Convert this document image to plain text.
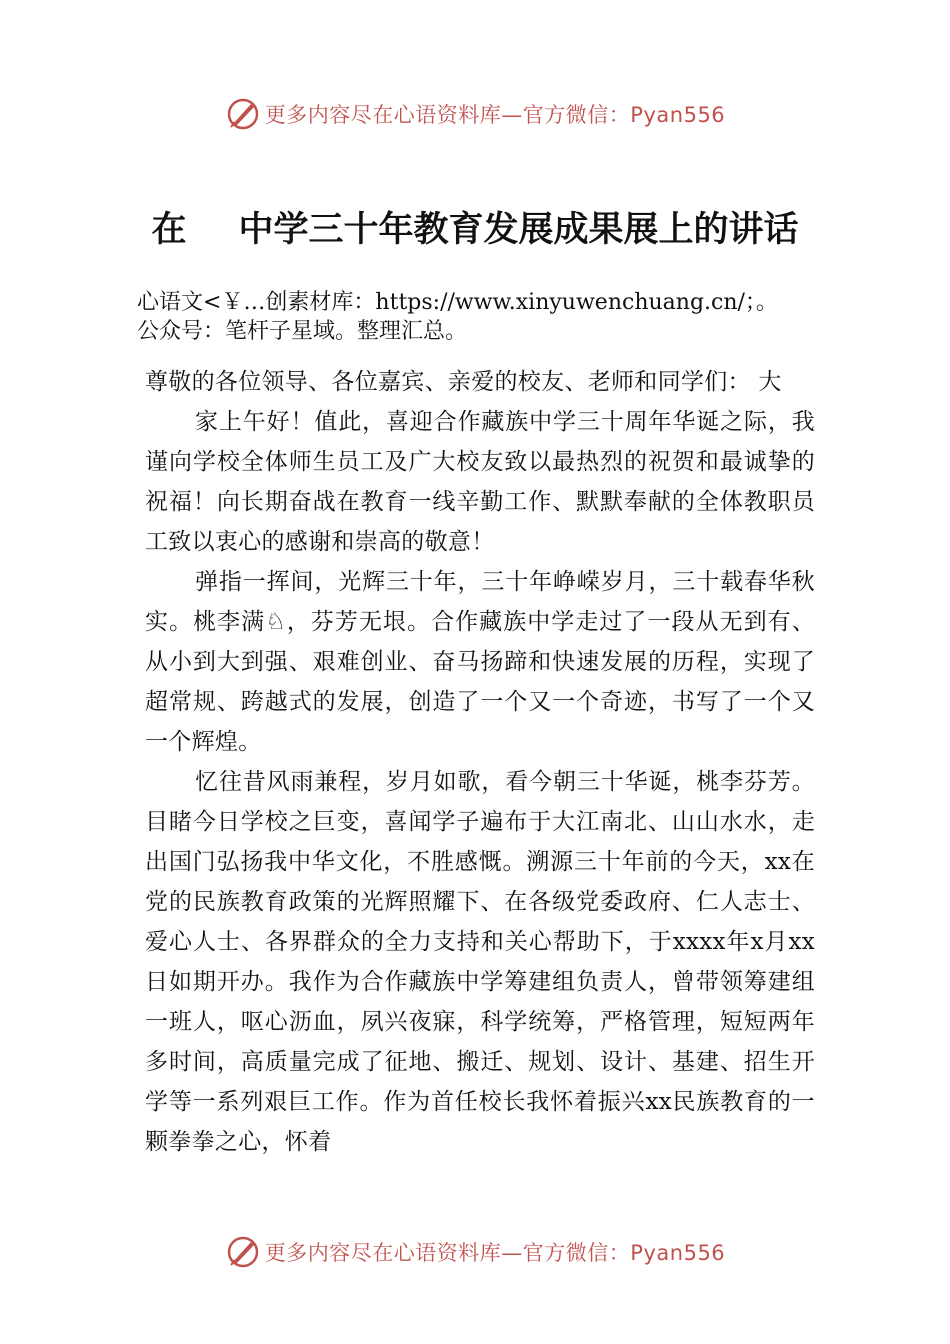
更多内容尽在心语资料库—官方微信：Pyan556
在 中学三十年教育发展成果展上的讲话
心语文<￥…创素材库：https://www.xinyuwenchuang.cn/；。
公众号：笔杆子星域。整理汇总。

尊敬的各位领导、各位嘉宾、亲爱的校友、老师和同学们： 大

家上午好！值此，喜迎合作藏族中学三十周年华诞之际，我谨向学校全体师生员工及广大校友致以最热烈的祝贺和最诚挚的祝福！向长期奋战在教育一线辛勤工作、默默奉献的全体教职员工致以衷心的感谢和崇高的敬意！

弹指一挥间，光辉三十年，三十年峥嵘岁月，三十载春华秋实。桃李满♘，芬芳无垠。合作藏族中学走过了一段从无到有、从小到大到强、艰难创业、奋马扬蹄和快速发展的历程，实现了超常规、跨越式的发展，创造了一个又一个奇迹，书写了一个又一个辉煌。

忆往昔风雨兼程，岁月如歌，看今朝三十华诞，桃李芬芳。目睹今日学校之巨变，喜闻学子遍布于大江南北、山山水水，走出国门弘扬我中华文化，不胜感慨。溯源三十年前的今天，xx在党的民族教育政策的光辉照耀下、在各级党委政府、仁人志士、爱心人士、各界群众的全力支持和关心帮助下，于xxxx年x月xx日如期开办。我作为合作藏族中学筹建组负责人，曾带领筹建组一班人，呕心沥血，夙兴夜寐，科学统筹，严格管理，短短两年多时间，高质量完成了征地、搬迁、规划、设计、基建、招生开学等一系列艰巨工作。作为首任校长我怀着振兴xx民族教育的一颗拳拳之心，怀着

更多内容尽在心语资料库—官方微信：Pyan556
